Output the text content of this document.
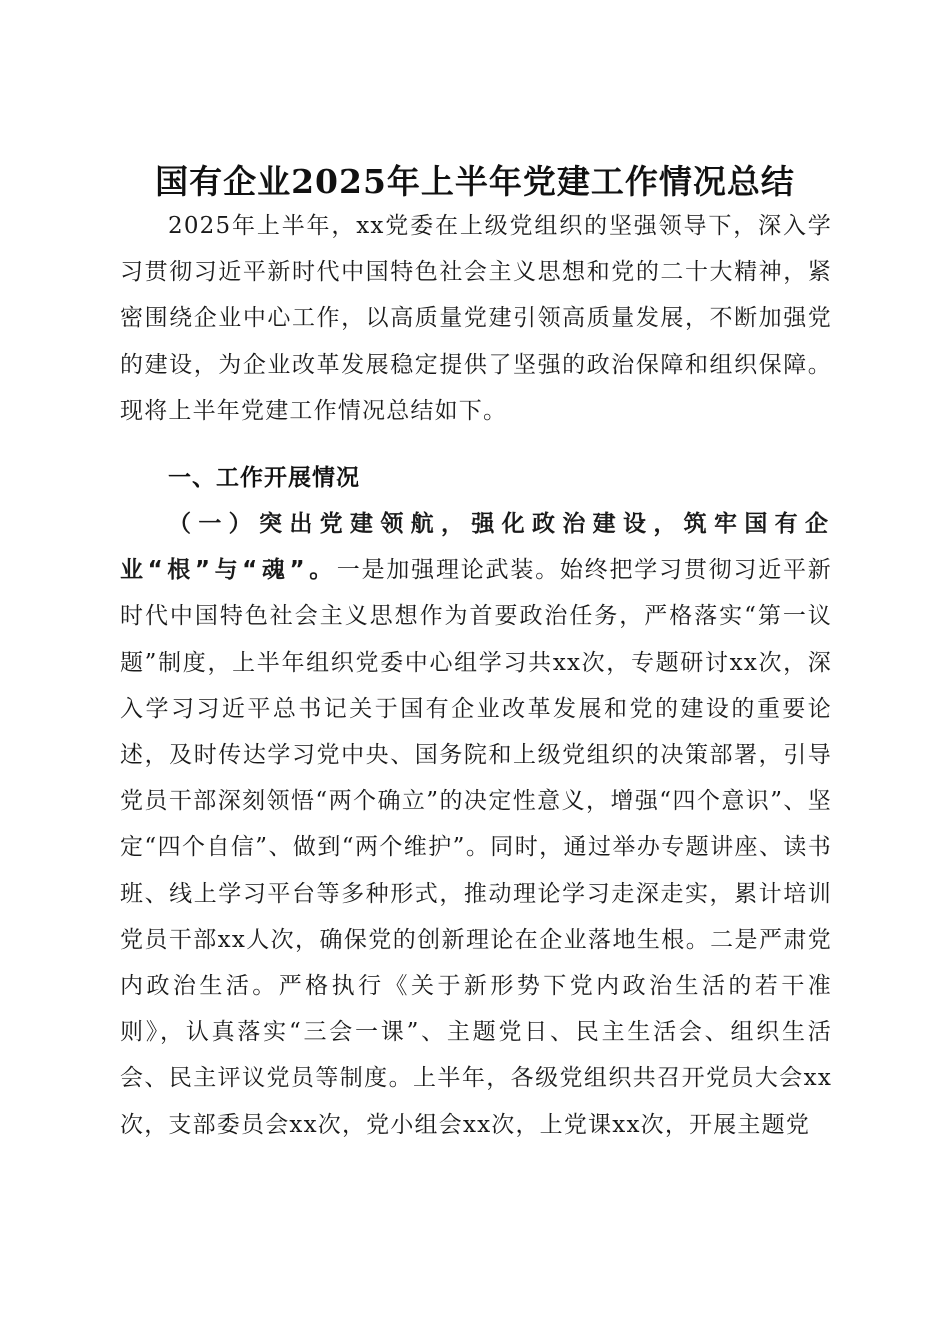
国有企业2025年上半年党建工作情况总结

2025年上半年，xx党委在上级党组织的坚强领导下，深入学习贯彻习近平新时代中国特色社会主义思想和党的二十大精神，紧密围绕企业中心工作，以高质量党建引领高质量发展，不断加强党的建设，为企业改革发展稳定提供了坚强的政治保障和组织保障。现将上半年党建工作情况总结如下。

一、工作开展情况

（一）突出党建领航，强化政治建设，筑牢国有企业“根”与“魂”。一是加强理论武装。始终把学习贯彻习近平新时代中国特色社会主义思想作为首要政治任务，严格落实“第一议题”制度，上半年组织党委中心组学习共xx次，专题研讨xx次，深入学习习近平总书记关于国有企业改革发展和党的建设的重要论述，及时传达学习党中央、国务院和上级党组织的决策部署，引导党员干部深刻领悟“两个确立”的决定性意义，增强“四个意识”、坚定“四个自信”、做到“两个维护”。同时，通过举办专题讲座、读书班、线上学习平台等多种形式，推动理论学习走深走实，累计培训党员干部xx人次，确保党的创新理论在企业落地生根。二是严肃党内政治生活。严格执行《关于新形势下党内政治生活的若干准则》，认真落实“三会一课”、主题党日、民主生活会、组织生活会、民主评议党员等制度。上半年，各级党组织共召开党员大会xx次，支部委员会xx次，党小组会xx次，上党课xx次，开展主题党
